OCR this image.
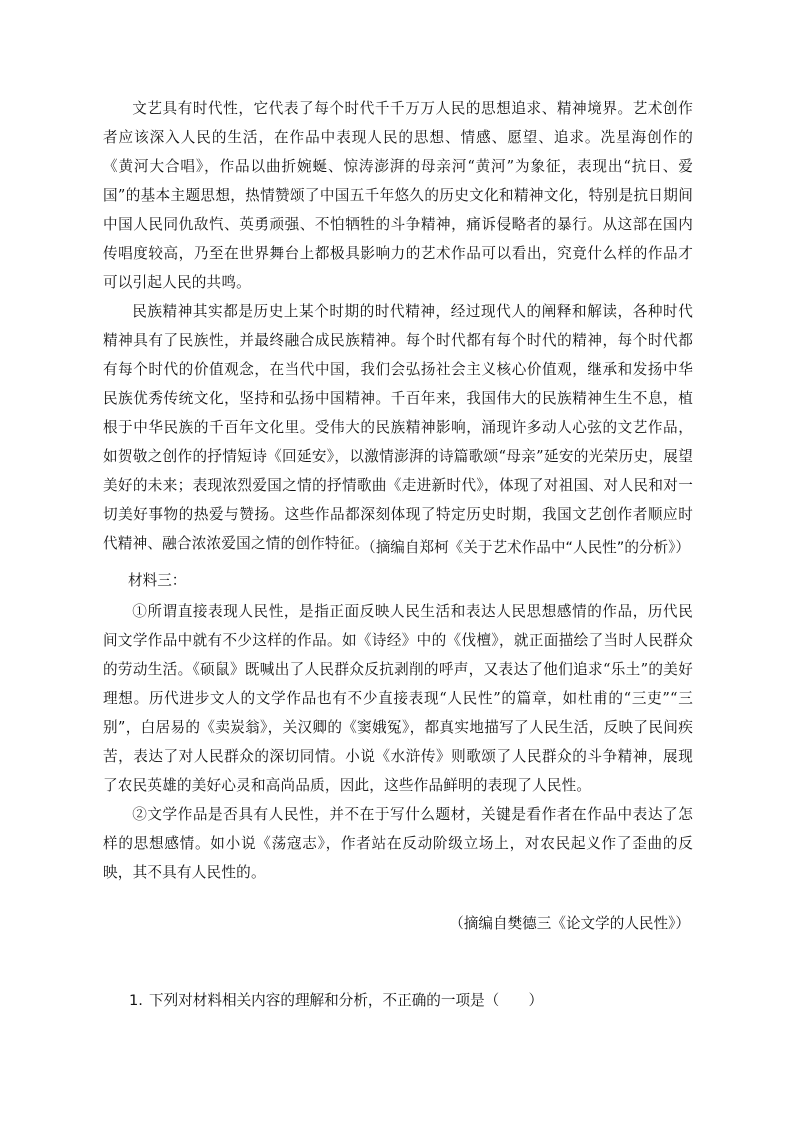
文艺具有时代性，它代表了每个时代千千万万人民的思想追求、精神境界。艺术创作者应该深入人民的生活，在作品中表现人民的思想、情感、愿望、追求。冼星海创作的《黄河大合唱》，作品以曲折婉蜒、惊涛澎湃的母亲河“黄河”为象征，表现出“抗日、爱国”的基本主题思想，热情赞颂了中国五千年悠久的历史文化和精神文化，特别是抗日期间中国人民同仇敌忾、英勇顽强、不怕牺牲的斗争精神，痛诉侵略者的暴行。从这部在国内传唱度较高，乃至在世界舞台上都极具影响力的艺术作品可以看出，究竟什么样的作品才可以引起人民的共鸣。

民族精神其实都是历史上某个时期的时代精神，经过现代人的阐释和解读，各种时代精神具有了民族性，并最终融合成民族精神。每个时代都有每个时代的精神，每个时代都有每个时代的价值观念，在当代中国，我们会弘扬社会主义核心价值观，继承和发扬中华民族优秀传统文化，坚持和弘扬中国精神。千百年来，我国伟大的民族精神生生不息，植根于中华民族的千百年文化里。受伟大的民族精神影响，涌现许多动人心弦的文艺作品，如贺敬之创作的抒情短诗《回延安》，以激情澎湃的诗篇歌颂“母亲”延安的光荣历史，展望美好的未来；表现浓烈爱国之情的抒情歌曲《走进新时代》，体现了对祖国、对人民和对一切美好事物的热爱与赞扬。这些作品都深刻体现了特定历史时期，我国文艺创作者顺应时代精神、融合浓浓爱国之情的创作特征。

（摘编自郑柯《关于艺术作品中“人民性”的分析》）
材料三：

①所谓直接表现人民性，是指正面反映人民生活和表达人民思想感情的作品，历代民间文学作品中就有不少这样的作品。如《诗经》中的《伐檀》，就正面描绘了当时人民群众的劳动生活。《硕鼠》既喊出了人民群众反抗剥削的呼声，又表达了他们追求“乐土”的美好理想。历代进步文人的文学作品也有不少直接表现“人民性”的篇章，如杜甫的“三吏”“三别”，白居易的《卖炭翁》，关汉卿的《窦娥冤》，都真实地描写了人民生活，反映了民间疾苦，表达了对人民群众的深切同情。小说《水浒传》则歌颂了人民群众的斗争精神，展现了农民英雄的美好心灵和高尚品质，因此，这些作品鲜明的表现了人民性。

②文学作品是否具有人民性，并不在于写什么题材，关键是看作者在作品中表达了怎样的思想感情。如小说《荡寇志》，作者站在反动阶级立场上，对农民起义作了歪曲的反映，其不具有人民性的。

（摘编自樊德三《论文学的人民性》）
1. 下列对材料相关内容的理解和分析，不正确的一项是（　　）
